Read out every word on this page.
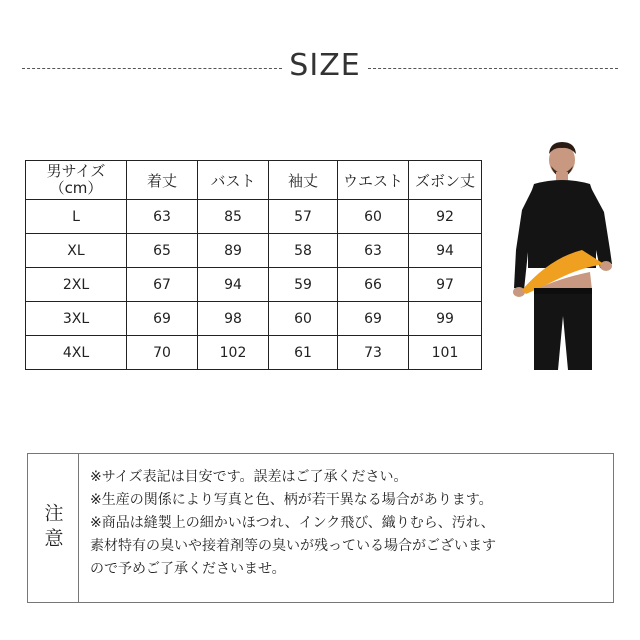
SIZE
男サイズ
（cm）	着丈	バスト	袖丈	ウエスト	ズボン丈
L	63	85	57	60	92
XL	65	89	58	63	94
2XL	67	94	59	66	97
3XL	69	98	60	69	99
4XL	70	102	61	73	101
注意
※サイズ表記は目安です。誤差はご了承ください。
※生産の関係により写真と色、柄が若干異なる場合があります。
※商品は縫製上の細かいほつれ、インク飛び、織りむら、汚れ、
素材特有の臭いや接着剤等の臭いが残っている場合がございます
ので予めご了承くださいませ。
